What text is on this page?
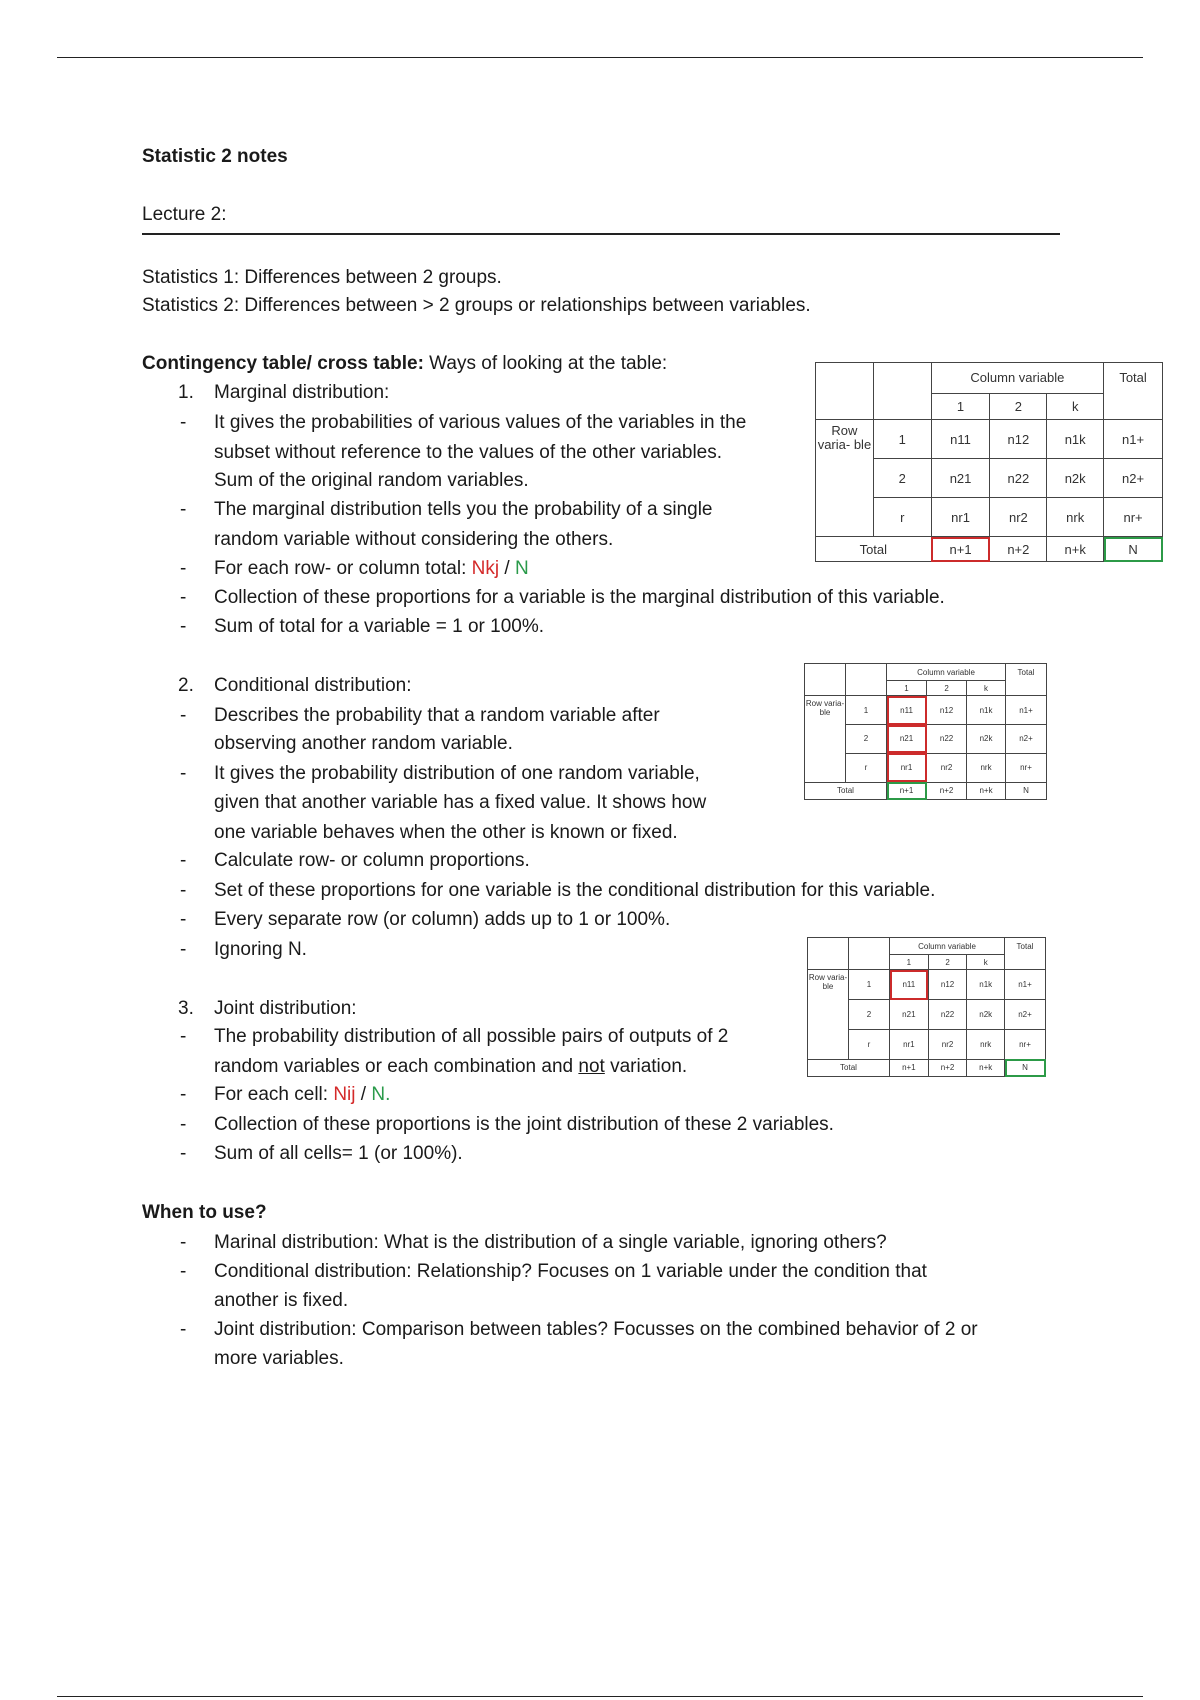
Statistic 2 notes
Lecture 2:
Statistics 1: Differences between 2 groups.
Statistics 2: Differences between > 2 groups or relationships between variables.
Contingency table/ cross table: Ways of looking at the table:
1. Marginal distribution:
- It gives the probabilities of various values of the variables in the
subset without reference to the values of the other variables.
Sum of the original random variables.
- The marginal distribution tells you the probability of a single
random variable without considering the others.
- For each row- or column total: Nkj / N
- Collection of these proportions for a variable is the marginal distribution of this variable.
- Sum of total for a variable = 1 or 100%.
2. Conditional distribution:
- Describes the probability that a random variable after
observing another random variable.
- It gives the probability distribution of one random variable,
given that another variable has a fixed value. It shows how
one variable behaves when the other is known or fixed.
- Calculate row- or column proportions.
- Set of these proportions for one variable is the conditional distribution for this variable.
- Every separate row (or column) adds up to 1 or 100%.
- Ignoring N.
3. Joint distribution:
- The probability distribution of all possible pairs of outputs of 2
random variables or each combination and not variation.
- For each cell: Nij / N.
- Collection of these proportions is the joint distribution of these 2 variables.
- Sum of all cells= 1 (or 100%).
When to use?
- Marinal distribution: What is the distribution of a single variable, ignoring others?
- Conditional distribution: Relationship? Focuses on 1 variable under the condition that
another is fixed.
- Joint distribution: Comparison between tables? Focusses on the combined behavior of 2 or
more variables.
		Column variable			Total
		1	2	k	
Row varia- ble	1	n11	n12	n1k	n1+
	2	n21	n22	n2k	n2+
	r	nr1	nr2	nrk	nr+
Total		n+1	n+2	n+k	N
		Column variable			Total
		1	2	k	
Row varia- ble	1	n11	n12	n1k	n1+
	2	n21	n22	n2k	n2+
	r	nr1	nr2	nrk	nr+
Total		n+1	n+2	n+k	N
		Column variable			Total
		1	2	k	
Row varia- ble	1	n11	n12	n1k	n1+
	2	n21	n22	n2k	n2+
	r	nr1	nr2	nrk	nr+
Total		n+1	n+2	n+k	N
